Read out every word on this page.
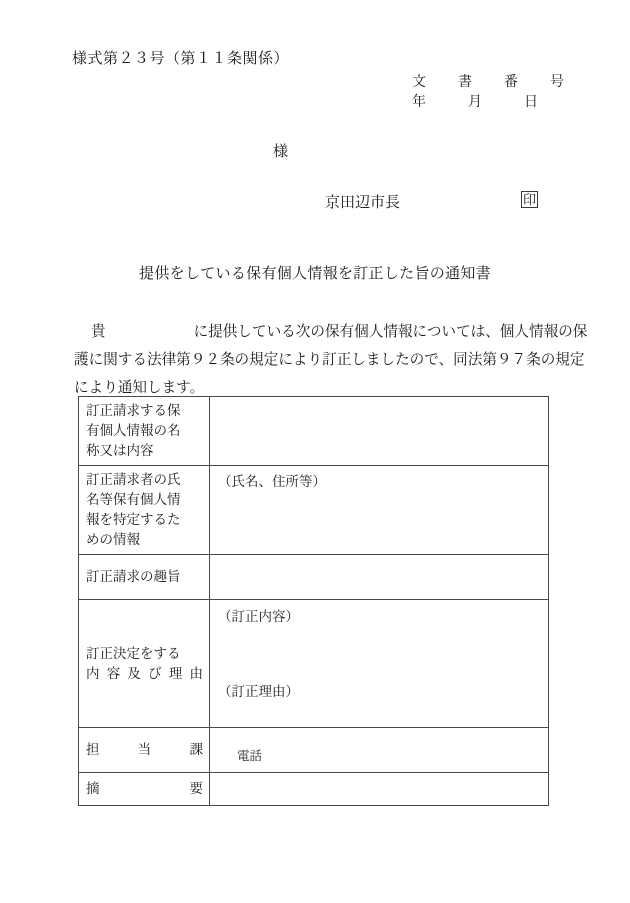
様式第２３号（第１１条関係）
文　書　番　号
年　　　月　　　日
様
京田辺市長	印
提供をしている保有個人情報を訂正した旨の通知書
貴	に提供している次の保有個人情報については、個人情報の保
護に関する法律第９２条の規定により訂正しましたので、同法第９７条の規定
により通知します。
訂正請求する保
有個人情報の名
称又は内容	

訂正請求者の氏
名等保有個人情
報を特定するた
めの情報	（氏名、住所等）

訂正請求の趣旨	

訂正決定をする
内容及び理由	（訂正内容）
（訂正理由）

担当課	電話

摘要	
